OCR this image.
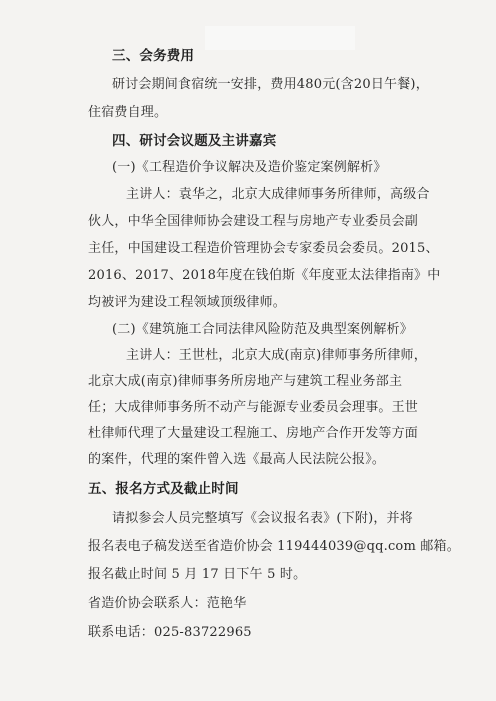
三、会务费用
研讨会期间食宿统一安排，费用480元(含20日午餐)，
住宿费自理。
四、研讨会议题及主讲嘉宾
(一)《工程造价争议解决及造价鉴定案例解析》
主讲人：袁华之，北京大成律师事务所律师，高级合
伙人，中华全国律师协会建设工程与房地产专业委员会副
主任，中国建设工程造价管理协会专家委员会委员。2015、
2016、2017、2018年度在钱伯斯《年度亚太法律指南》中
均被评为建设工程领域顶级律师。
(二)《建筑施工合同法律风险防范及典型案例解析》
主讲人：王世杜，北京大成(南京)律师事务所律师，
北京大成(南京)律师事务所房地产与建筑工程业务部主
任；大成律师事务所不动产与能源专业委员会理事。王世
杜律师代理了大量建设工程施工、房地产合作开发等方面
的案件，代理的案件曾入选《最高人民法院公报》。
五、报名方式及截止时间
请拟参会人员完整填写《会议报名表》(下附)，并将
报名表电子稿发送至省造价协会 119444039@qq.com 邮箱。
报名截止时间 5 月 17 日下午 5 时。
省造价协会联系人：范艳华
联系电话：025-83722965
